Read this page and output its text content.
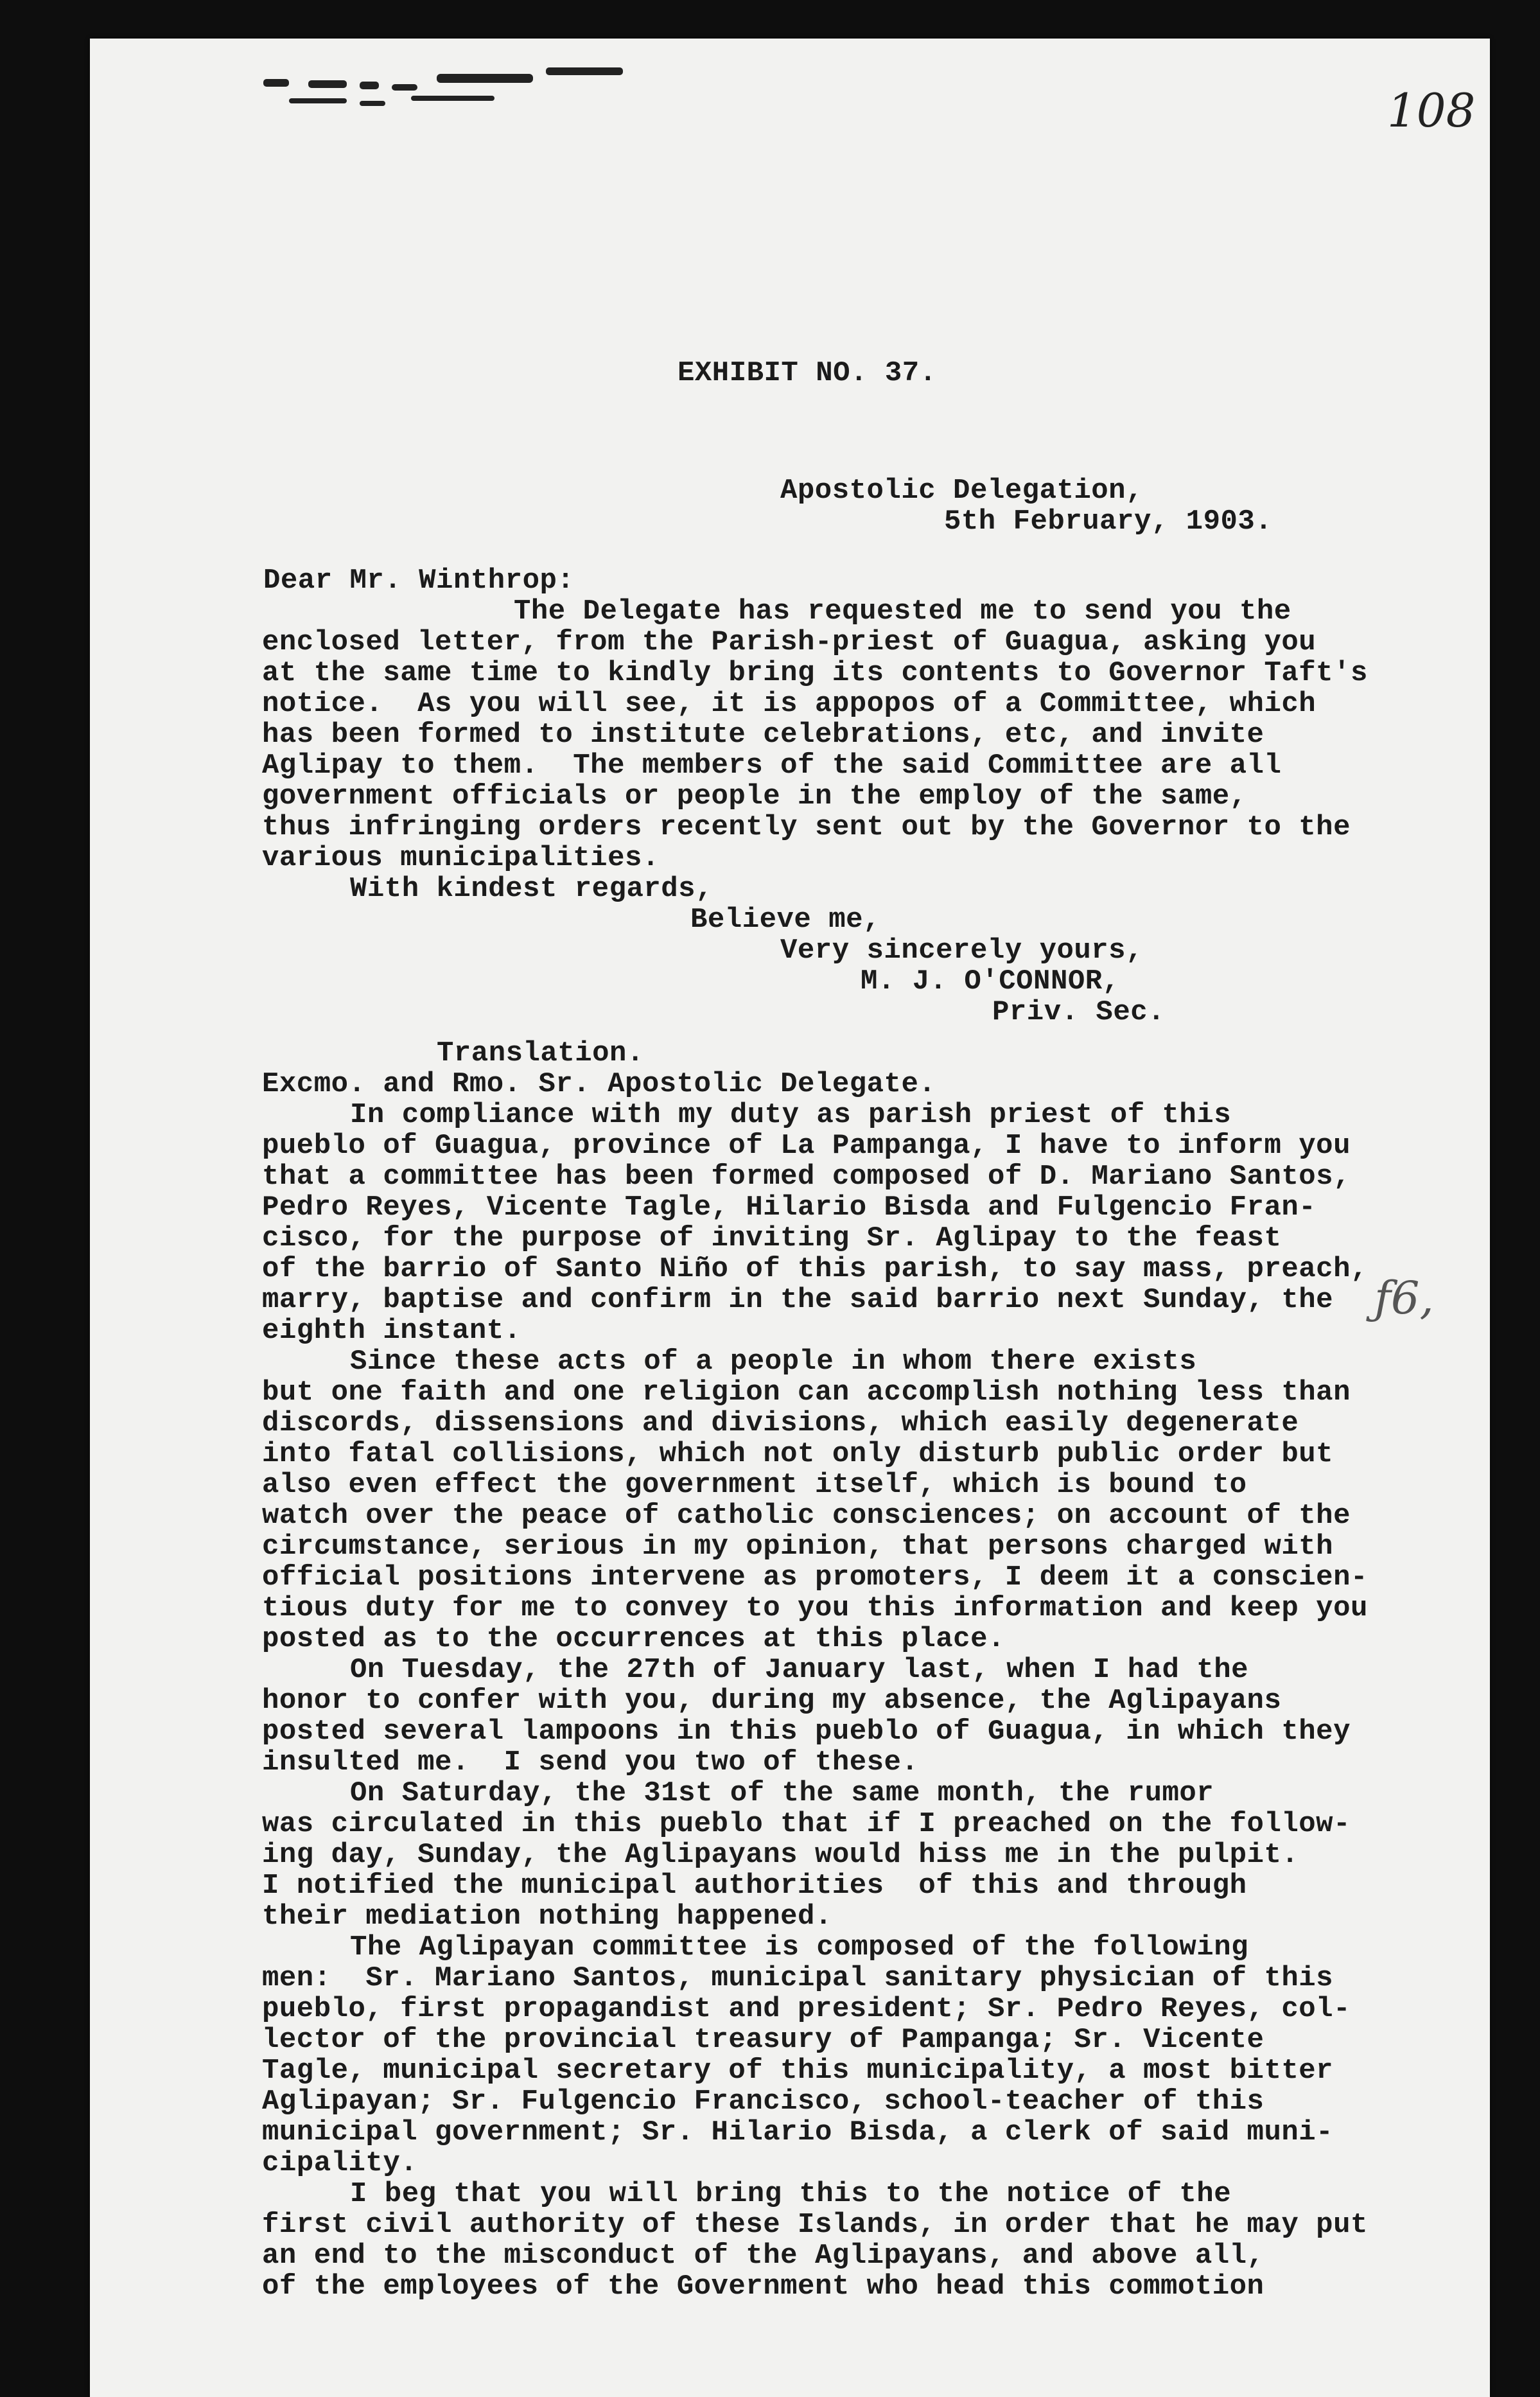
108
ƒ6,
EXHIBIT NO. 37.
Apostolic Delegation,
5th February, 1903.
Dear Mr. Winthrop:
The Delegate has requested me to send you the
enclosed letter, from the Parish-priest of Guagua, asking you
at the same time to kindly bring its contents to Governor Taft's
notice.  As you will see, it is appopos of a Committee, which
has been formed to institute celebrations, etc, and invite
Aglipay to them.  The members of the said Committee are all
government officials or people in the employ of the same,
thus infringing orders recently sent out by the Governor to the
various municipalities.
With kindest regards,
Believe me,
Very sincerely yours,
M. J. O'CONNOR,
Priv. Sec.
Translation.
Excmo. and Rmo. Sr. Apostolic Delegate.
In compliance with my duty as parish priest of this
pueblo of Guagua, province of La Pampanga, I have to inform you
that a committee has been formed composed of D. Mariano Santos,
Pedro Reyes, Vicente Tagle, Hilario Bisda and Fulgencio Fran-
cisco, for the purpose of inviting Sr. Aglipay to the feast
of the barrio of Santo Niño of this parish, to say mass, preach,
marry, baptise and confirm in the said barrio next Sunday, the
eighth instant.
Since these acts of a people in whom there exists
but one faith and one religion can accomplish nothing less than
discords, dissensions and divisions, which easily degenerate
into fatal collisions, which not only disturb public order but
also even effect the government itself, which is bound to
watch over the peace of catholic consciences; on account of the
circumstance, serious in my opinion, that persons charged with
official positions intervene as promoters, I deem it a conscien-
tious duty for me to convey to you this information and keep you
posted as to the occurrences at this place.
On Tuesday, the 27th of January last, when I had the
honor to confer with you, during my absence, the Aglipayans
posted several lampoons in this pueblo of Guagua, in which they
insulted me.  I send you two of these.
On Saturday, the 31st of the same month, the rumor
was circulated in this pueblo that if I preached on the follow-
ing day, Sunday, the Aglipayans would hiss me in the pulpit.
I notified the municipal authorities  of this and through
their mediation nothing happened.
The Aglipayan committee is composed of the following
men:  Sr. Mariano Santos, municipal sanitary physician of this
pueblo, first propagandist and president; Sr. Pedro Reyes, col-
lector of the provincial treasury of Pampanga; Sr. Vicente
Tagle, municipal secretary of this municipality, a most bitter
Aglipayan; Sr. Fulgencio Francisco, school-teacher of this
municipal government; Sr. Hilario Bisda, a clerk of said muni-
cipality.
I beg that you will bring this to the notice of the
first civil authority of these Islands, in order that he may put
an end to the misconduct of the Aglipayans, and above all,
of the employees of the Government who head this commotion
